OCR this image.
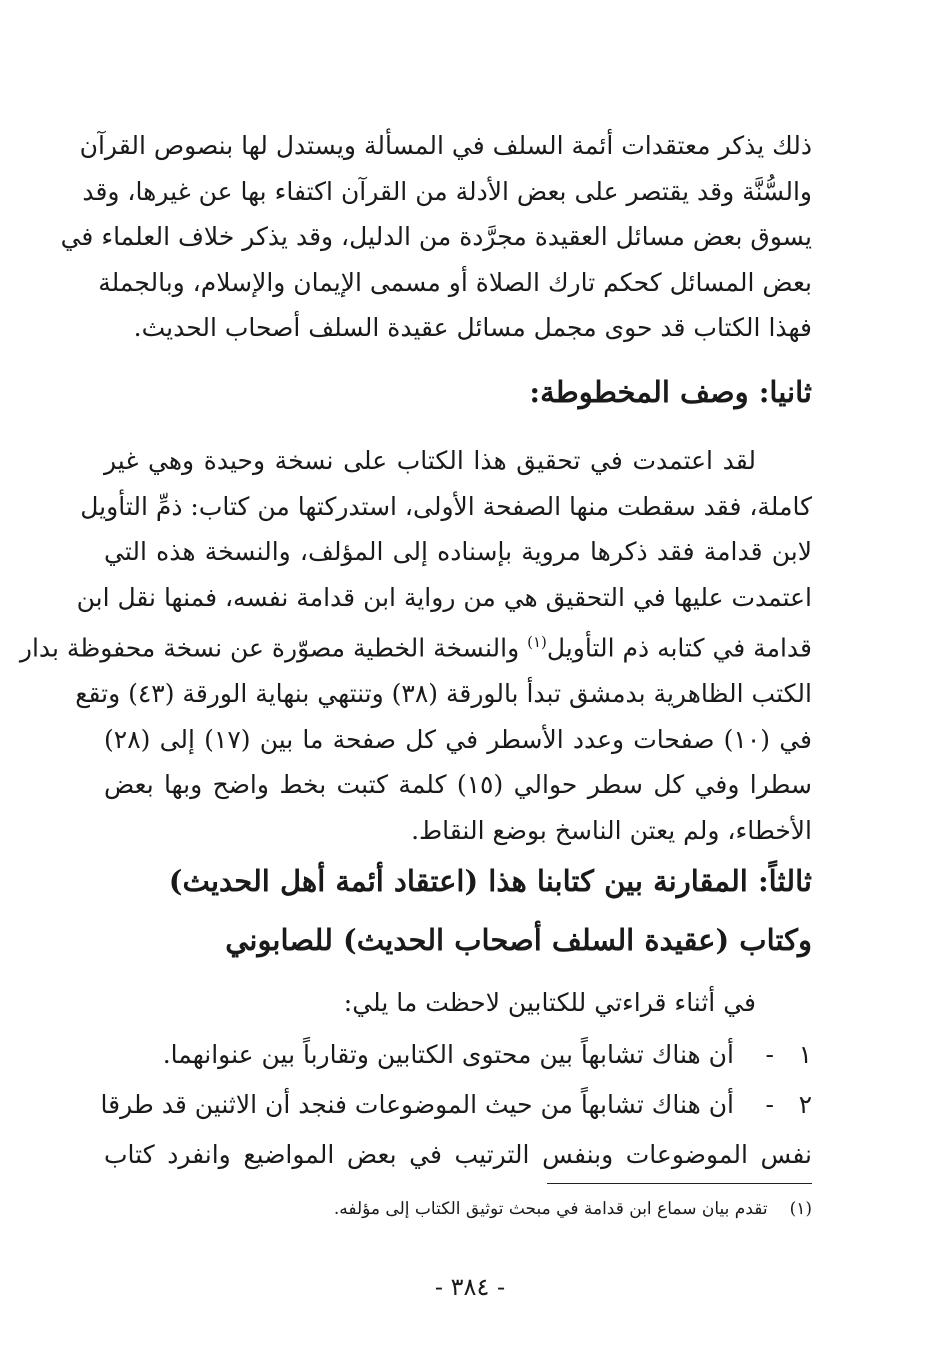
ذلك يذكر معتقدات أئمة السلف في المسألة ويستدل لها بنصوص القرآن
والسُّنَّة وقد يقتصر على بعض الأدلة من القرآن اكتفاء بها عن غيرها، وقد
يسوق بعض مسائل العقيدة مجرَّدة من الدليل، وقد يذكر خلاف العلماء في
بعض المسائل كحكم تارك الصلاة أو مسمى الإيمان والإسلام، وبالجملة
فهذا الكتاب قد حوى مجمل مسائل عقيدة السلف أصحاب الحديث.
ثانيا: وصف المخطوطة:
لقد اعتمدت في تحقيق هذا الكتاب على نسخة وحيدة وهي غير
كاملة، فقد سقطت منها الصفحة الأولى، استدركتها من كتاب: ذمِّ التأويل
لابن قدامة فقد ذكرها مروية بإسناده إلى المؤلف، والنسخة هذه التي
اعتمدت عليها في التحقيق هي من رواية ابن قدامة نفسه، فمنها نقل ابن
قدامة في كتابه ذم التأويل$^{(١)}$ والنسخة الخطية مصوّرة عن نسخة محفوظة بدار
الكتب الظاهرية بدمشق تبدأ بالورقة (٣٨) وتنتهي بنهاية الورقة (٤٣) وتقع
في (١٠) صفحات وعدد الأسطر في كل صفحة ما بين (١٧) إلى (٢٨)
سطرا وفي كل سطر حوالي (١٥) كلمة كتبت بخط واضح وبها بعض
الأخطاء، ولم يعتن الناسخ بوضع النقاط.
ثالثاً: المقارنة بين كتابنا هذا (اعتقاد أئمة أهل الحديث)
وكتاب (عقيدة السلف أصحاب الحديث) للصابوني
في أثناء قراءتي للكتابين لاحظت ما يلي:
١
-
أن هناك تشابهاً بين محتوى الكتابين وتقارباً بين عنوانهما.
٢
-
أن هناك تشابهاً من حيث الموضوعات فنجد أن الاثنين قد طرقا
نفس الموضوعات وبنفس الترتيب في بعض المواضيع وانفرد كتاب
(١)تقدم بيان سماع ابن قدامة في مبحث توثيق الكتاب إلى مؤلفه.
- ٣٨٤ -
